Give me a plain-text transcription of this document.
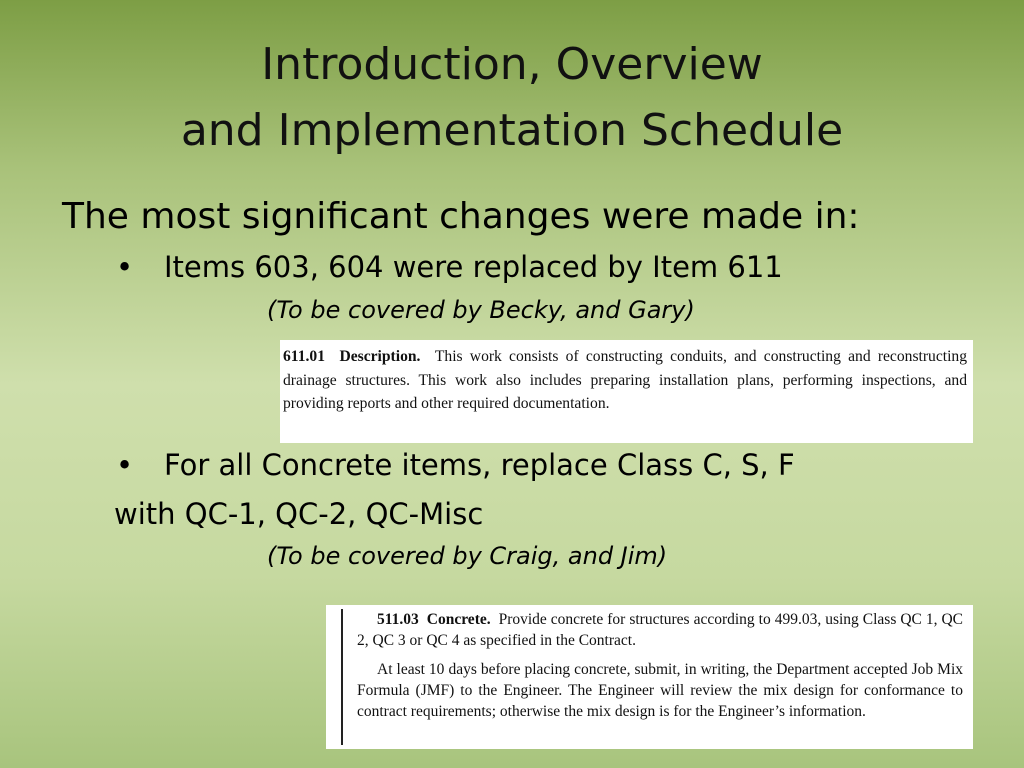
Introduction, Overview
and Implementation Schedule
The most significant changes were made in:
• Items 603, 604 were replaced by Item 611
(To be covered by Becky, and Gary)

611.01 Description. This work consists of constructing conduits, and constructing and reconstructing drainage structures. This work also includes preparing installation plans, performing inspections, and providing reports and other required documentation.

• For all Concrete items, replace Class C, S, F
with QC-1, QC-2, QC-Misc
(To be covered by Craig, and Jim)

511.03 Concrete. Provide concrete for structures according to 499.03, using Class QC 1, QC 2, QC 3 or QC 4 as specified in the Contract.

At least 10 days before placing concrete, submit, in writing, the Department accepted Job Mix Formula (JMF) to the Engineer. The Engineer will review the mix design for conformance to contract requirements; otherwise the mix design is for the Engineer’s information.
